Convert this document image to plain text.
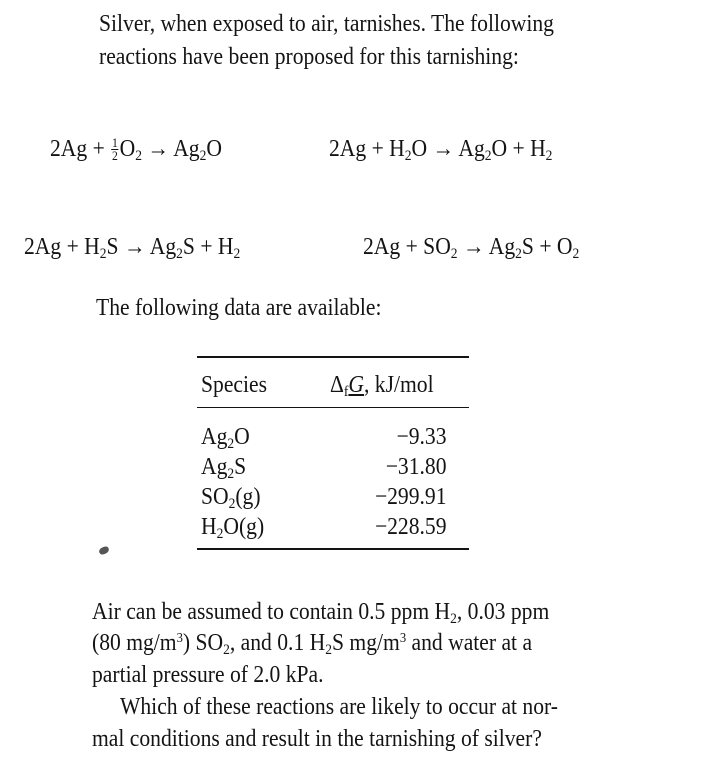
Silver, when exposed to air, tarnishes. The following
reactions have been proposed for this tarnishing:
$2Ag + \frac{1}{2} O_2 \to Ag_2O$	$2Ag + H_2O \to Ag_2O + H_2$
$2Ag + H_2S \to Ag_2S + H_2$	$2Ag + SO_2 \to Ag_2S + O_2$
The following data are available:
Species	$\Delta_fG$, kJ/mol
$Ag_2O$	−9.33
$Ag_2S$	−31.80
$SO_2(g)$	−299.91
$H_2O(g)$	−228.59
Air can be assumed to contain 0.5 ppm $H_2$, 0.03 ppm
(80 $mg/m^3$) $SO_2$, and 0.1 $H_2S$ $mg/m^3$ and water at a
partial pressure of 2.0 kPa.
Which of these reactions are likely to occur at nor-
mal conditions and result in the tarnishing of silver?
